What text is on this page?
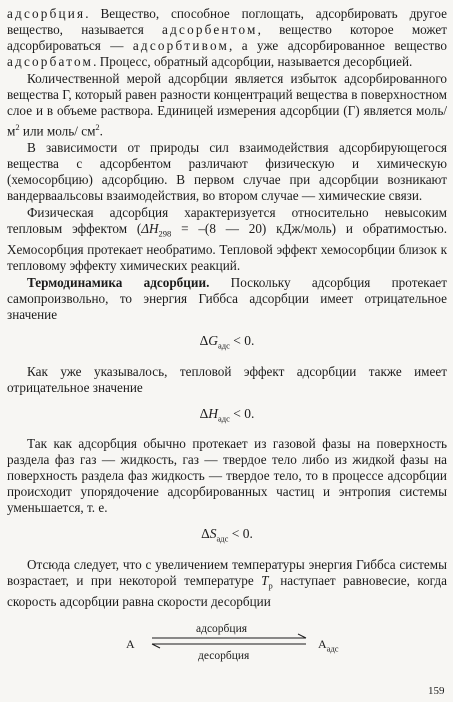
адсорбция. Вещество, способное поглощать, адсорбировать другое вещество, называется адсорбентом, вещество которое может адсорбироваться — адсорбтивом, а уже адсорбированное вещество адсорбатом. Процесс, обратный адсорбции, называется десорбцией.

Количественной мерой адсорбции является избыток адсорбированного вещества Г, который равен разности концентраций вещества в поверхностном слое и в объеме раствора. Единицей измерения адсорбции (Г) является моль/ $м^2$ или моль/ $см^2$.

В зависимости от природы сил взаимодействия адсорбирующегося вещества с адсорбентом различают физическую и химическую (хемосорбцию) адсорбцию. В первом случае при адсорбции возникают вандерваальсовы взаимодействия, во втором случае — химические связи.

Физическая адсорбция характеризуется относительно невысоким тепловым эффектом ($\Delta H_{298} = -(8$ — 20) кДж/моль) и обратимостью. Хемосорбция протекает необратимо. Тепловой эффект хемосорбции близок к тепловому эффекту химических реакций.

Термодинамика адсорбции. Поскольку адсорбция протекает самопроизвольно, то энергия Гиббса адсорбции имеет отрицательное значение

$\Delta G_{адс} < 0$.

Как уже указывалось, тепловой эффект адсорбции также имеет отрицательное значение

$\Delta H_{адс} < 0$.

Так как адсорбция обычно протекает из газовой фазы на поверхность раздела фаз газ — жидкость, газ — твердое тело либо из жидкой фазы на поверхность раздела фаз жидкость — твердое тело, то в процессе адсорбции происходит упорядочение адсорбированных частиц и энтропия системы уменьшается, т. е.

$\Delta S_{адс} < 0$.

Отсюда следует, что с увеличением температуры энергия Гиббса системы возрастает, и при некоторой температуре $T_р$ наступает равновесие, когда скорость адсорбции равна скорости десорбции

адсорбция
A	$A_{адс}$
десорбция
159
